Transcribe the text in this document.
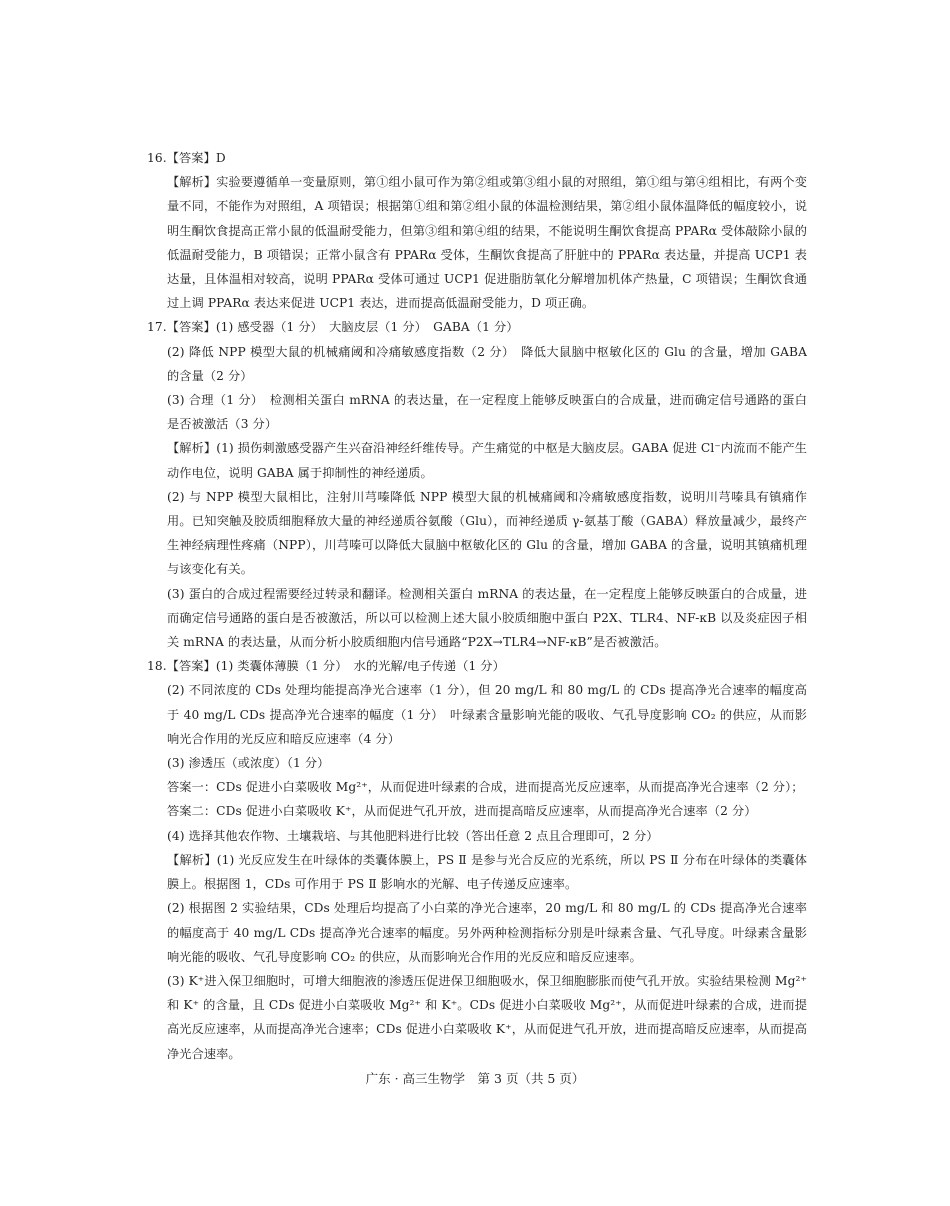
16.【答案】D

【解析】实验要遵循单一变量原则，第①组小鼠可作为第②组或第③组小鼠的对照组，第①组与第④组相比，有两个变量不同，不能作为对照组，A 项错误；根据第①组和第②组小鼠的体温检测结果，第②组小鼠体温降低的幅度较小，说明生酮饮食提高正常小鼠的低温耐受能力，但第③组和第④组的结果，不能说明生酮饮食提高 PPARα 受体敲除小鼠的低温耐受能力，B 项错误；正常小鼠含有 PPARα 受体，生酮饮食提高了肝脏中的 PPARα 表达量，并提高 UCP1 表达量，且体温相对较高，说明 PPARα 受体可通过 UCP1 促进脂肪氧化分解增加机体产热量，C 项错误；生酮饮食通过上调 PPARα 表达来促进 UCP1 表达，进而提高低温耐受能力，D 项正确。

17.【答案】(1) 感受器（1 分）　大脑皮层（1 分）　GABA（1 分）

(2) 降低 NPP 模型大鼠的机械痛阈和冷痛敏感度指数（2 分）　降低大鼠脑中枢敏化区的 Glu 的含量，增加 GABA 的含量（2 分）

(3) 合理（1 分）　检测相关蛋白 mRNA 的表达量，在一定程度上能够反映蛋白的合成量，进而确定信号通路的蛋白是否被激活（3 分）

【解析】(1) 损伤刺激感受器产生兴奋沿神经纤维传导。产生痛觉的中枢是大脑皮层。GABA 促进 Cl⁻内流而不能产生动作电位，说明 GABA 属于抑制性的神经递质。

(2) 与 NPP 模型大鼠相比，注射川芎嗪降低 NPP 模型大鼠的机械痛阈和冷痛敏感度指数，说明川芎嗪具有镇痛作用。已知突触及胶质细胞释放大量的神经递质谷氨酸（Glu），而神经递质 γ-氨基丁酸（GABA）释放量减少，最终产生神经病理性疼痛（NPP），川芎嗪可以降低大鼠脑中枢敏化区的 Glu 的含量，增加 GABA 的含量，说明其镇痛机理与该变化有关。

(3) 蛋白的合成过程需要经过转录和翻译。检测相关蛋白 mRNA 的表达量，在一定程度上能够反映蛋白的合成量，进而确定信号通路的蛋白是否被激活，所以可以检测上述大鼠小胶质细胞中蛋白 P2X、TLR4、NF-κB 以及炎症因子相关 mRNA 的表达量，从而分析小胶质细胞内信号通路“P2X→TLR4→NF-κB”是否被激活。

18.【答案】(1) 类囊体薄膜（1 分）　水的光解/电子传递（1 分）

(2) 不同浓度的 CDs 处理均能提高净光合速率（1 分），但 20 mg/L 和 80 mg/L 的 CDs 提高净光合速率的幅度高于 40 mg/L CDs 提高净光合速率的幅度（1 分）　叶绿素含量影响光能的吸收、气孔导度影响 CO₂ 的供应，从而影响光合作用的光反应和暗反应速率（4 分）

(3) 渗透压（或浓度）（1 分）

答案一：CDs 促进小白菜吸收 Mg²⁺，从而促进叶绿素的合成，进而提高光反应速率，从而提高净光合速率（2 分）；

答案二：CDs 促进小白菜吸收 K⁺，从而促进气孔开放，进而提高暗反应速率，从而提高净光合速率（2 分）

(4) 选择其他农作物、土壤栽培、与其他肥料进行比较（答出任意 2 点且合理即可，2 分）

【解析】(1) 光反应发生在叶绿体的类囊体膜上，PS Ⅱ 是参与光合反应的光系统，所以 PS Ⅱ 分布在叶绿体的类囊体膜上。根据图 1，CDs 可作用于 PS Ⅱ 影响水的光解、电子传递反应速率。

(2) 根据图 2 实验结果，CDs 处理后均提高了小白菜的净光合速率，20 mg/L 和 80 mg/L 的 CDs 提高净光合速率的幅度高于 40 mg/L CDs 提高净光合速率的幅度。另外两种检测指标分别是叶绿素含量、气孔导度。叶绿素含量影响光能的吸收、气孔导度影响 CO₂ 的供应，从而影响光合作用的光反应和暗反应速率。

(3) K⁺进入保卫细胞时，可增大细胞液的渗透压促进保卫细胞吸水，保卫细胞膨胀而使气孔开放。实验结果检测 Mg²⁺ 和 K⁺ 的含量，且 CDs 促进小白菜吸收 Mg²⁺ 和 K⁺。CDs 促进小白菜吸收 Mg²⁺，从而促进叶绿素的合成，进而提高光反应速率，从而提高净光合速率；CDs 促进小白菜吸收 K⁺，从而促进气孔开放，进而提高暗反应速率，从而提高净光合速率。

广东 · 高三生物学　第 3 页（共 5 页）
